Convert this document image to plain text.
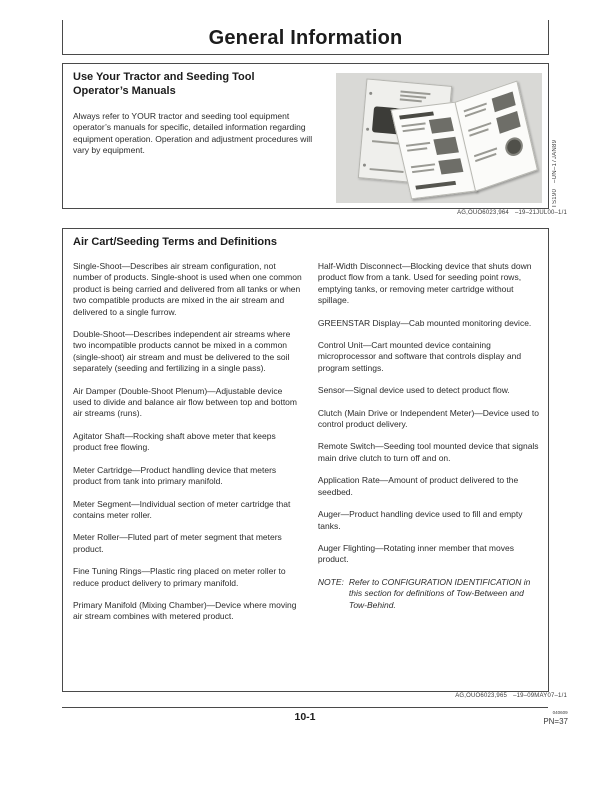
General Information
Use Your Tractor and Seeding Tool Operator’s Manuals

Always refer to YOUR tractor and seeding tool equipment operator’s manuals for specific, detailed information regarding equipment operation. Operation and adjustment procedures will vary by equipment.

TS190
–UN–17JAN89
AG,OUO6023,964 –19–21JUL00–1/1
Air Cart/Seeding Terms and Definitions

Single-Shoot—Describes air stream configuration, not number of products. Single-shoot is used when one common product is being carried and delivered from all tanks or when two compatible products are mixed in the air stream and delivered to a single furrow.

Double-Shoot—Describes independent air streams where two incompatible products cannot be mixed in a common (single-shoot) air stream and must be delivered to the soil separately (seeding and fertilizing in a single pass).

Air Damper (Double-Shoot Plenum)—Adjustable device used to divide and balance air flow between top and bottom air streams (runs).

Agitator Shaft—Rocking shaft above meter that keeps product free flowing.

Meter Cartridge—Product handling device that meters product from tank into primary manifold.

Meter Segment—Individual section of meter cartridge that contains meter roller.

Meter Roller—Fluted part of meter segment that meters product.

Fine Tuning Rings—Plastic ring placed on meter roller to reduce product delivery to primary manifold.

Primary Manifold (Mixing Chamber)—Device where moving air stream combines with metered product.

Half-Width Disconnect—Blocking device that shuts down product flow from a tank. Used for seeding point rows, emptying tanks, or removing meter cartridge without spillage.

GREENSTAR Display—Cab mounted monitoring device.

Control Unit—Cart mounted device containing microprocessor and software that controls display and program settings.

Sensor—Signal device used to detect product flow.

Clutch (Main Drive or Independent Meter)—Device used to control product delivery.

Remote Switch—Seeding tool mounted device that signals main drive clutch to turn off and on.

Application Rate—Amount of product delivered to the seedbed.

Auger—Product handling device used to fill and empty tanks.

Auger Flighting—Rotating inner member that moves product.

NOTE: Refer to CONFIGURATION IDENTIFICATION in this section for definitions of Tow-Between and Tow-Behind.
AG,OUO6023,965 –19–09MAY07–1/1
10-1	040609
PN=37
